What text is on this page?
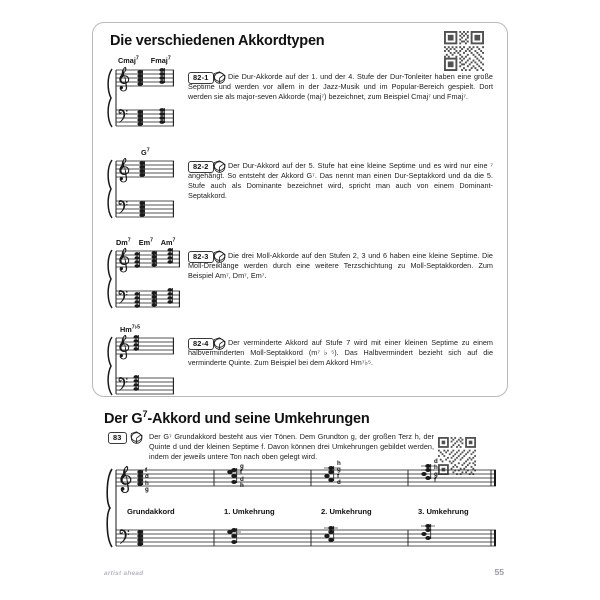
Die verschiedenen Akkordtypen
Cmaj$^7$ Fmaj$^7$
82-1	Die Dur-Akkorde auf der 1. und der 4. Stufe der Dur-Tonleiter haben eine große Septime und werden vor allem in der Jazz-Musik und im Popular-Bereich gespielt. Dort werden sie als major-seven Akkorde (maj⁷) bezeichnet, zum Beispiel Cmaj⁷ und Fmaj⁷.
$G^7$
82-2	Der Dur-Akkord auf der 5. Stufe hat eine kleine Septime und es wird nur eine ⁷ angehängt. So entsteht der Akkord G⁷. Das nennt man einen Dur-Septakkord und da die 5. Stufe auch als Dominante bezeichnet wird, spricht man auch von einem Dominant-Septakkord.
Dm$^7$ Em$^7$ Am$^7$
82-3	Die drei Moll-Akkorde auf den Stufen 2, 3 und 6 haben eine kleine Septime. Die Moll-Dreiklänge werden durch eine weitere Terzschichtung zu Moll-Septakkorden. Zum Beispiel Am⁷, Dm⁷, Em⁷.
$Hm^{7♭5}$
82-4	Der verminderte Akkord auf Stufe 7 wird mit einer kleinen Septime zu einem halbverminderten Moll-Septakkord (m⁷♭⁵). Das Halbvermindert bezieht sich auf die verminderte Quinte. Zum Beispiel bei dem Akkord Hm⁷♭⁵.
Der $G^7$-Akkord und seine Umkehrungen
83	Der G⁷ Grundakkord besteht aus vier Tönen. Dem Grundton g, der großen Terz h, der Quinte d und der kleinen Septime f. Davon können drei Umkehrungen gebildet werden, indem der jeweils untere Ton nach oben gelegt wird.
f
d
h
g
g
f
d
h
h
g
f
d
d
h
g
f
Grundakkord	1. Umkehrung	2. Umkehrung	3. Umkehrung
artist ahead	55
